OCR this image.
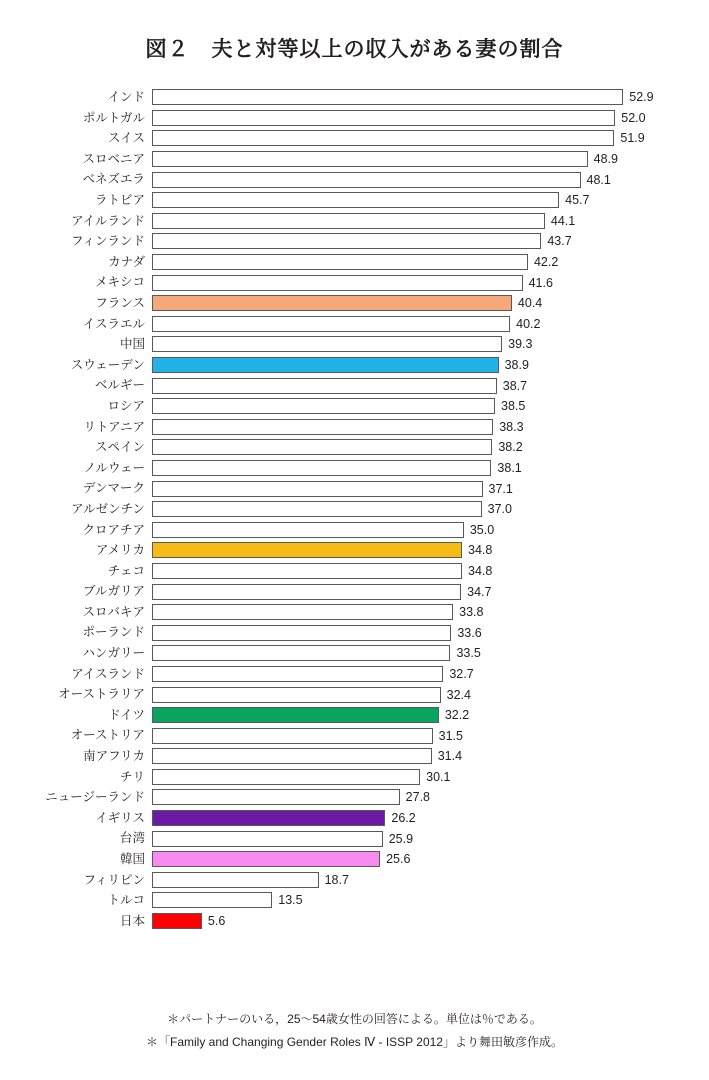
図２　夫と対等以上の収入がある妻の割合
インド	52.9
ポルトガル	52.0
スイス	51.9
スロベニア	48.9
ベネズエラ	48.1
ラトビア	45.7
アイルランド	44.1
フィンランド	43.7
カナダ	42.2
メキシコ	41.6
フランス	40.4
イスラエル	40.2
中国	39.3
スウェーデン	38.9
ベルギー	38.7
ロシア	38.5
リトアニア	38.3
スペイン	38.2
ノルウェー	38.1
デンマーク	37.1
アルゼンチン	37.0
クロアチア	35.0
アメリカ	34.8
チェコ	34.8
ブルガリア	34.7
スロバキア	33.8
ポーランド	33.6
ハンガリー	33.5
アイスランド	32.7
オーストラリア	32.4
ドイツ	32.2
オーストリア	31.5
南アフリカ	31.4
チリ	30.1
ニュージーランド	27.8
イギリス	26.2
台湾	25.9
韓国	25.6
フィリピン	18.7
トルコ	13.5
日本	5.6
＊パートナーのいる，25〜54歳女性の回答による。単位は％である。
＊「Family and Changing Gender Roles Ⅳ - ISSP 2012」より舞田敏彦作成。
